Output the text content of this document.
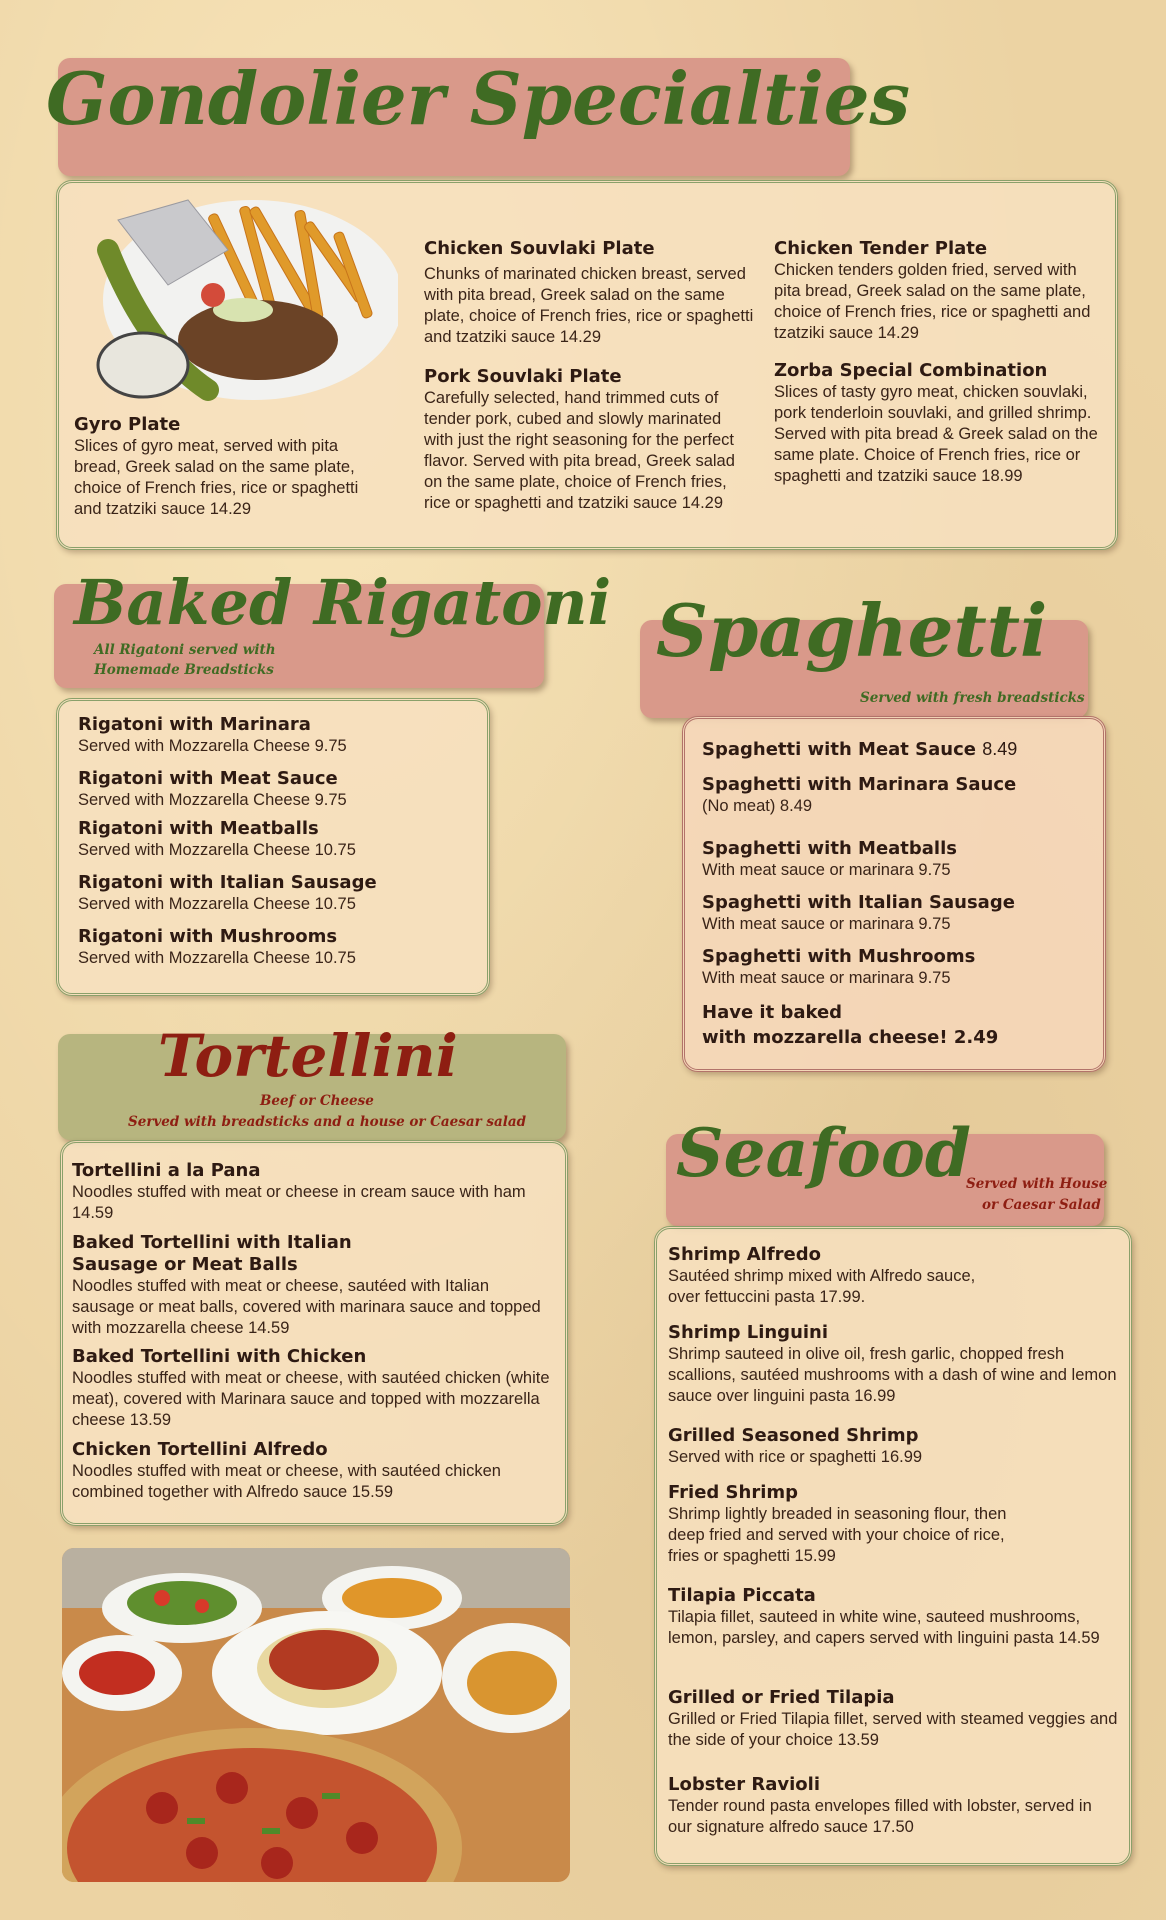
Gondolier Specialties

Gyro Plate

Slices of gyro meat, served with pita bread, Greek salad on the same plate, choice of French fries, rice or spaghetti and tzatziki sauce 14.29

Chicken Souvlaki Plate

Chunks of marinated chicken breast, served with pita bread, Greek salad on the same plate, choice of French fries, rice or spaghetti and tzatziki sauce 14.29

Pork Souvlaki Plate

Carefully selected, hand trimmed cuts of tender pork, cubed and slowly marinated with just the right seasoning for the perfect flavor. Served with pita bread, Greek salad on the same plate, choice of French fries, rice or spaghetti and tzatziki sauce 14.29

Chicken Tender Plate

Chicken tenders golden fried, served with pita bread, Greek salad on the same plate, choice of French fries, rice or spaghetti and tzatziki sauce 14.29

Zorba Special Combination

Slices of tasty gyro meat, chicken souvlaki, pork tenderloin souvlaki, and grilled shrimp. Served with pita bread & Greek salad on the same plate. Choice of French fries, rice or spaghetti and tzatziki sauce 18.99

Baked Rigatoni
All Rigatoni served with
Homemade Breadsticks

Rigatoni with Marinara

Served with Mozzarella Cheese 9.75

Rigatoni with Meat Sauce

Served with Mozzarella Cheese 9.75

Rigatoni with Meatballs

Served with Mozzarella Cheese 10.75

Rigatoni with Italian Sausage

Served with Mozzarella Cheese 10.75

Rigatoni with Mushrooms

Served with Mozzarella Cheese 10.75

Spaghetti
Served with fresh breadsticks

Spaghetti with Meat Sauce 8.49

Spaghetti with Marinara Sauce

(No meat) 8.49

Spaghetti with Meatballs

With meat sauce or marinara 9.75

Spaghetti with Italian Sausage

With meat sauce or marinara 9.75

Spaghetti with Mushrooms

With meat sauce or marinara 9.75

Have it baked

with mozzarella cheese! 2.49

Tortellini
Beef or Cheese
Served with breadsticks and a house or Caesar salad

Tortellini a la Pana

Noodles stuffed with meat or cheese in cream sauce with ham 14.59

Baked Tortellini with Italian Sausage or Meat Balls

Noodles stuffed with meat or cheese, sautéed with Italian sausage or meat balls, covered with marinara sauce and topped with mozzarella cheese 14.59

Baked Tortellini with Chicken

Noodles stuffed with meat or cheese, with sautéed chicken (white meat), covered with Marinara sauce and topped with mozzarella cheese 13.59

Chicken Tortellini Alfredo

Noodles stuffed with meat or cheese, with sautéed chicken combined together with Alfredo sauce 15.59

Seafood
Served with House
or Caesar Salad

Shrimp Alfredo

Sautéed shrimp mixed with Alfredo sauce, over fettuccini pasta 17.99.

Shrimp Linguini

Shrimp sauteed in olive oil, fresh garlic, chopped fresh scallions, sautéed mushrooms with a dash of wine and lemon sauce over linguini pasta 16.99

Grilled Seasoned Shrimp

Served with rice or spaghetti 16.99

Fried Shrimp

Shrimp lightly breaded in seasoning flour, then deep fried and served with your choice of rice, fries or spaghetti 15.99

Tilapia Piccata

Tilapia fillet, sauteed in white wine, sauteed mushrooms, lemon, parsley, and capers served with linguini pasta 14.59

Grilled or Fried Tilapia

Grilled or Fried Tilapia fillet, served with steamed veggies and the side of your choice 13.59

Lobster Ravioli

Tender round pasta envelopes filled with lobster, served in our signature alfredo sauce 17.50
